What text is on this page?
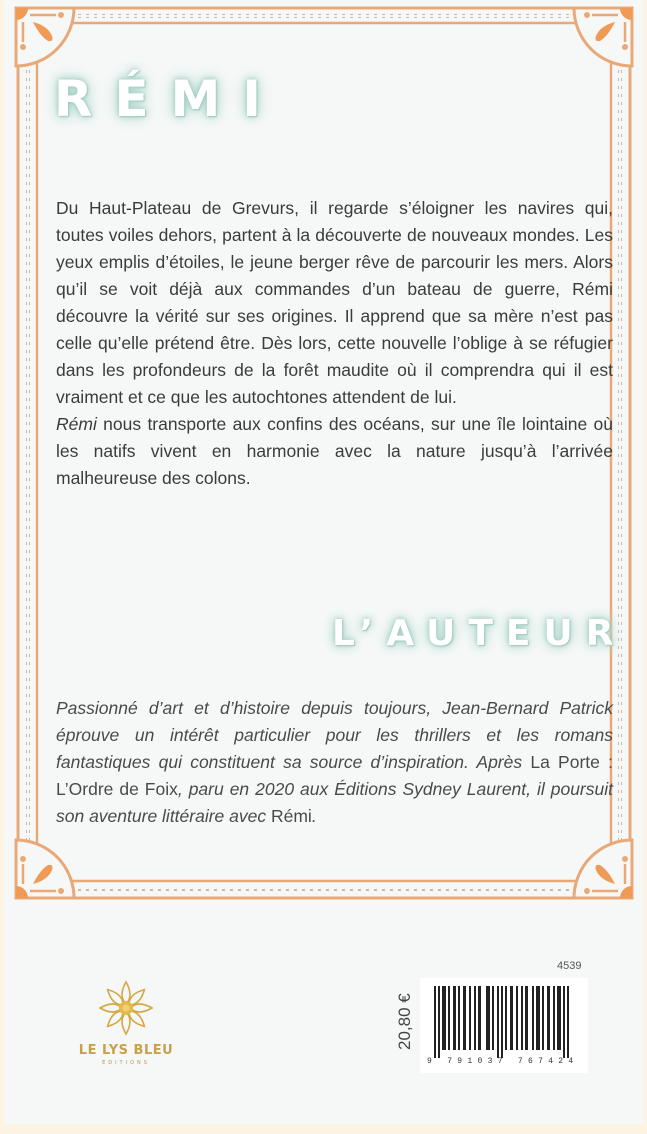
RÉMI

Du Haut-Plateau de Grevurs, il regarde s’éloigner les navires qui, toutes voiles dehors, partent à la découverte de nouveaux mondes. Les yeux emplis d’étoiles, le jeune berger rêve de parcourir les mers. Alors qu’il se voit déjà aux commandes d’un bateau de guerre, Rémi découvre la vérité sur ses origines. Il apprend que sa mère n’est pas celle qu’elle prétend être. Dès lors, cette nouvelle l’oblige à se réfugier dans les profondeurs de la forêt maudite où il comprendra qui il est vraiment et ce que les autochtones attendent de lui.

Rémi nous transporte aux confins des océans, sur une île lointaine où les natifs vivent en harmonie avec la nature jusqu’à l’arrivée malheureuse des colons.

L’AUTEUR
Passionné d’art et d’histoire depuis toujours, Jean-Bernard Patrick éprouve un intérêt particulier pour les thrillers et les romans fantastiques qui constituent sa source d’inspiration. Après La Porte : L’Ordre de Foix, paru en 2020 aux Éditions Sydney Laurent, il poursuit son aventure littéraire avec Rémi.
LE LYS BLEU
ÉDITIONS
4539
20,80 €
9 791037 767424
